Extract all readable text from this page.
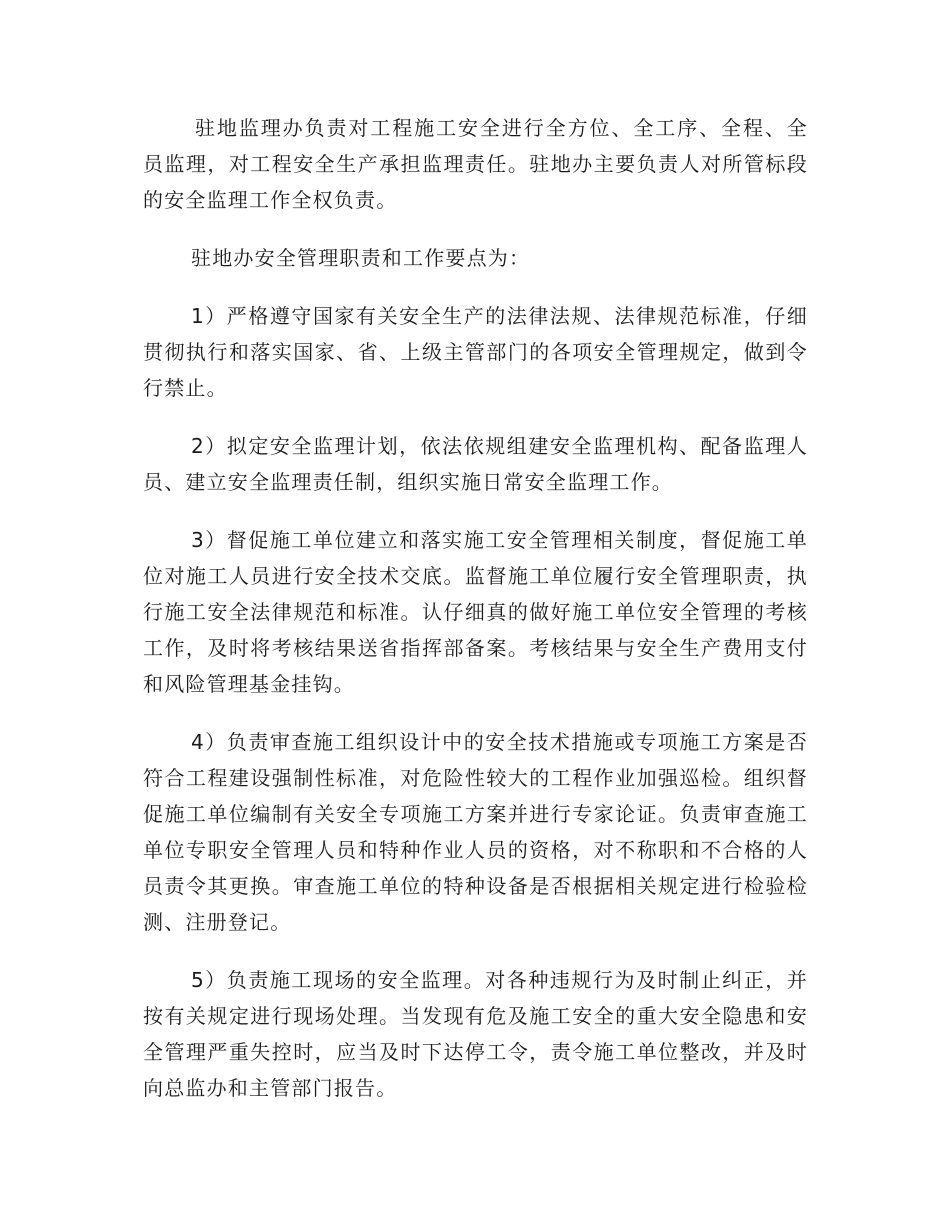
驻地监理办负责对工程施工安全进行全方位、全工序、全程、全员监理，对工程安全生产承担监理责任。驻地办主要负责人对所管标段的安全监理工作全权负责。

驻地办安全管理职责和工作要点为：

1）严格遵守国家有关安全生产的法律法规、法律规范标准，仔细贯彻执行和落实国家、省、上级主管部门的各项安全管理规定，做到令行禁止。

2）拟定安全监理计划，依法依规组建安全监理机构、配备监理人员、建立安全监理责任制，组织实施日常安全监理工作。

3）督促施工单位建立和落实施工安全管理相关制度，督促施工单位对施工人员进行安全技术交底。监督施工单位履行安全管理职责，执行施工安全法律规范和标准。认仔细真的做好施工单位安全管理的考核工作，及时将考核结果送省指挥部备案。考核结果与安全生产费用支付和风险管理基金挂钩。

4）负责审查施工组织设计中的安全技术措施或专项施工方案是否符合工程建设强制性标准，对危险性较大的工程作业加强巡检。组织督促施工单位编制有关安全专项施工方案并进行专家论证。负责审查施工单位专职安全管理人员和特种作业人员的资格，对不称职和不合格的人员责令其更换。审查施工单位的特种设备是否根据相关规定进行检验检测、注册登记。

5）负责施工现场的安全监理。对各种违规行为及时制止纠正，并按有关规定进行现场处理。当发现有危及施工安全的重大安全隐患和安全管理严重失控时，应当及时下达停工令，责令施工单位整改，并及时向总监办和主管部门报告。
